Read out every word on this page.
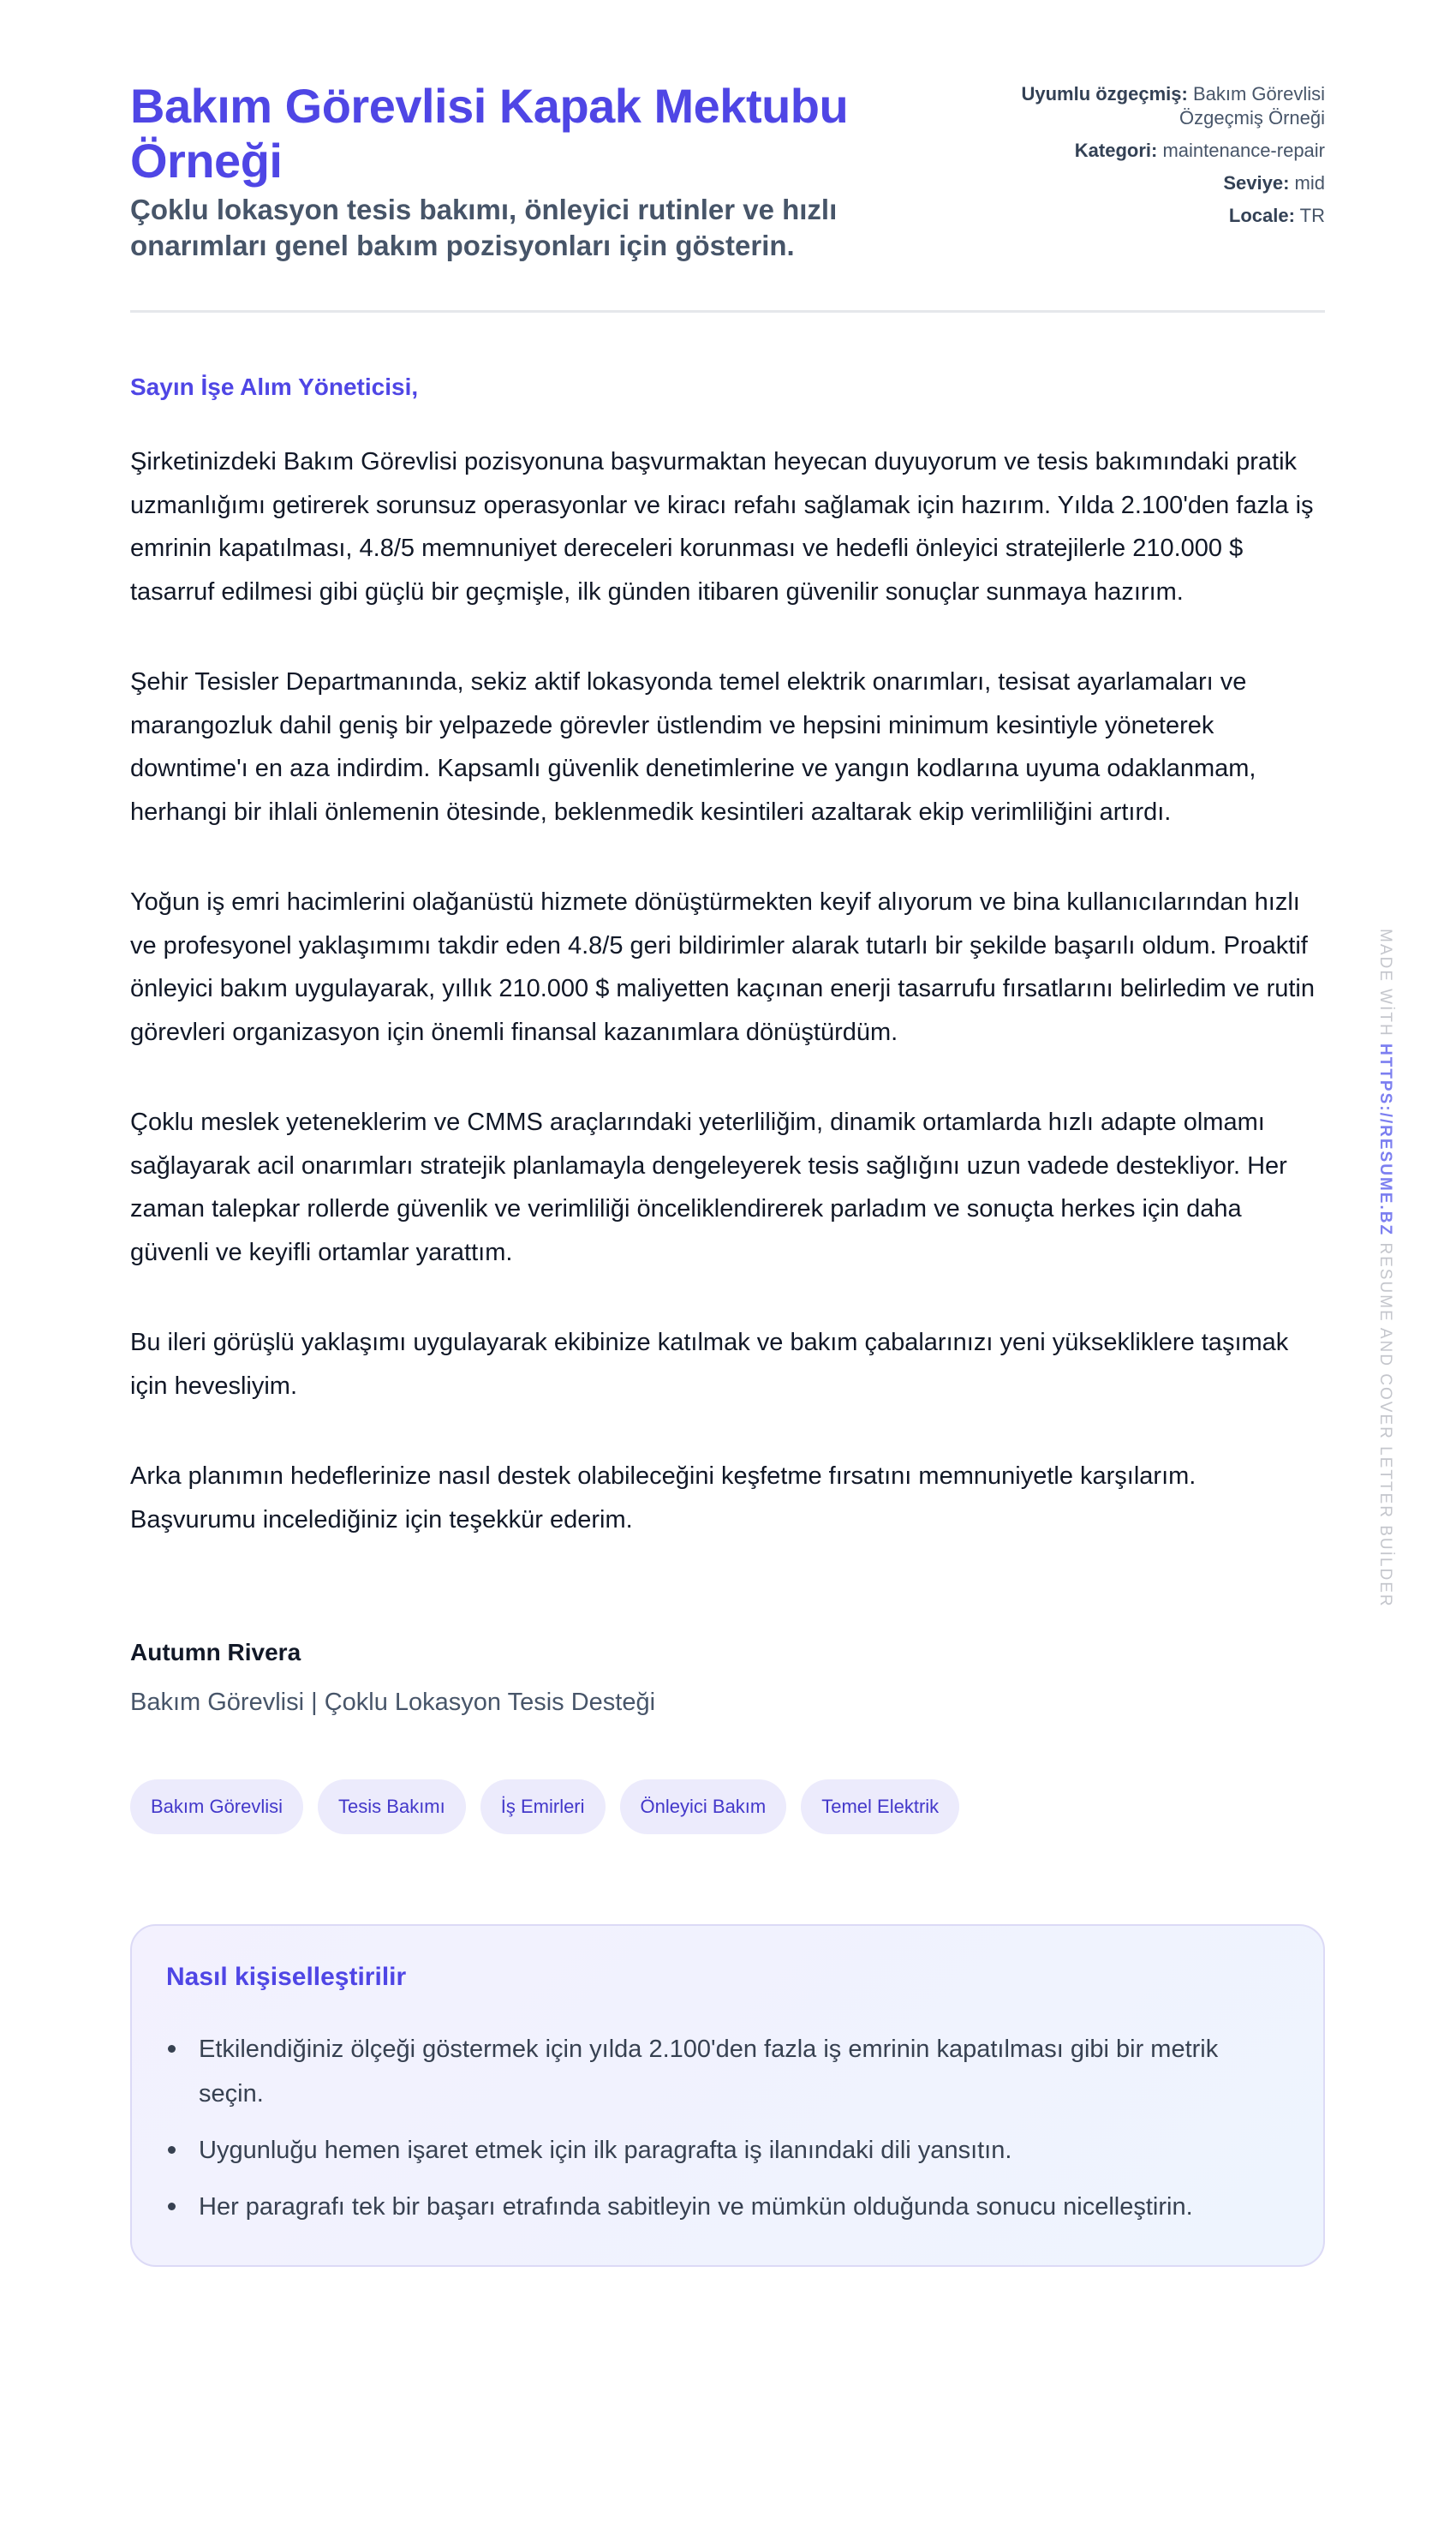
Bakım Görevlisi Kapak Mektubu Örneği

Çoklu lokasyon tesis bakımı, önleyici rutinler ve hızlı onarımları genel bakım pozisyonları için gösterin.

Uyumlu özgeçmiş: Bakım Görevlisi Özgeçmiş Örneği
Kategori: maintenance-repair
Seviye: mid
Locale: TR

Sayın İşe Alım Yöneticisi,

Şirketinizdeki Bakım Görevlisi pozisyonuna başvurmaktan heyecan duyuyorum ve tesis bakımındaki pratik uzmanlığımı getirerek sorunsuz operasyonlar ve kiracı refahı sağlamak için hazırım. Yılda 2.100'den fazla iş emrinin kapatılması, 4.8/5 memnuniyet dereceleri korunması ve hedefli önleyici stratejilerle 210.000 $ tasarruf edilmesi gibi güçlü bir geçmişle, ilk günden itibaren güvenilir sonuçlar sunmaya hazırım.

Şehir Tesisler Departmanında, sekiz aktif lokasyonda temel elektrik onarımları, tesisat ayarlamaları ve marangozluk dahil geniş bir yelpazede görevler üstlendim ve hepsini minimum kesintiyle yöneterek downtime'ı en aza indirdim. Kapsamlı güvenlik denetimlerine ve yangın kodlarına uyuma odaklanmam, herhangi bir ihlali önlemenin ötesinde, beklenmedik kesintileri azaltarak ekip verimliliğini artırdı.

Yoğun iş emri hacimlerini olağanüstü hizmete dönüştürmekten keyif alıyorum ve bina kullanıcılarından hızlı ve profesyonel yaklaşımımı takdir eden 4.8/5 geri bildirimler alarak tutarlı bir şekilde başarılı oldum. Proaktif önleyici bakım uygulayarak, yıllık 210.000 $ maliyetten kaçınan enerji tasarrufu fırsatlarını belirledim ve rutin görevleri organizasyon için önemli finansal kazanımlara dönüştürdüm.

Çoklu meslek yeteneklerim ve CMMS araçlarındaki yeterliliğim, dinamik ortamlarda hızlı adapte olmamı sağlayarak acil onarımları stratejik planlamayla dengeleyerek tesis sağlığını uzun vadede destekliyor. Her zaman talepkar rollerde güvenlik ve verimliliği önceliklendirerek parladım ve sonuçta herkes için daha güvenli ve keyifli ortamlar yarattım.

Bu ileri görüşlü yaklaşımı uygulayarak ekibinize katılmak ve bakım çabalarınızı yeni yüksekliklere taşımak için hevesliyim.

Arka planımın hedeflerinize nasıl destek olabileceğini keşfetme fırsatını memnuniyetle karşılarım. Başvurumu incelediğiniz için teşekkür ederim.

Autumn Rivera

Bakım Görevlisi | Çoklu Lokasyon Tesis Desteği

Bakım Görevlisi	Tesis Bakımı	İş Emirleri	Önleyici Bakım	Temel Elektrik
Nasıl kişiselleştirilir
Etkilendiğiniz ölçeği göstermek için yılda 2.100'den fazla iş emrinin kapatılması gibi bir metrik seçin.
Uygunluğu hemen işaret etmek için ilk paragrafta iş ilanındaki dili yansıtın.
Her paragrafı tek bir başarı etrafında sabitleyin ve mümkün olduğunda sonucu nicelleştirin.
MADE WİTH HTTPS://RESUME.BZ RESUME AND COVER LETTER BUİLDER
